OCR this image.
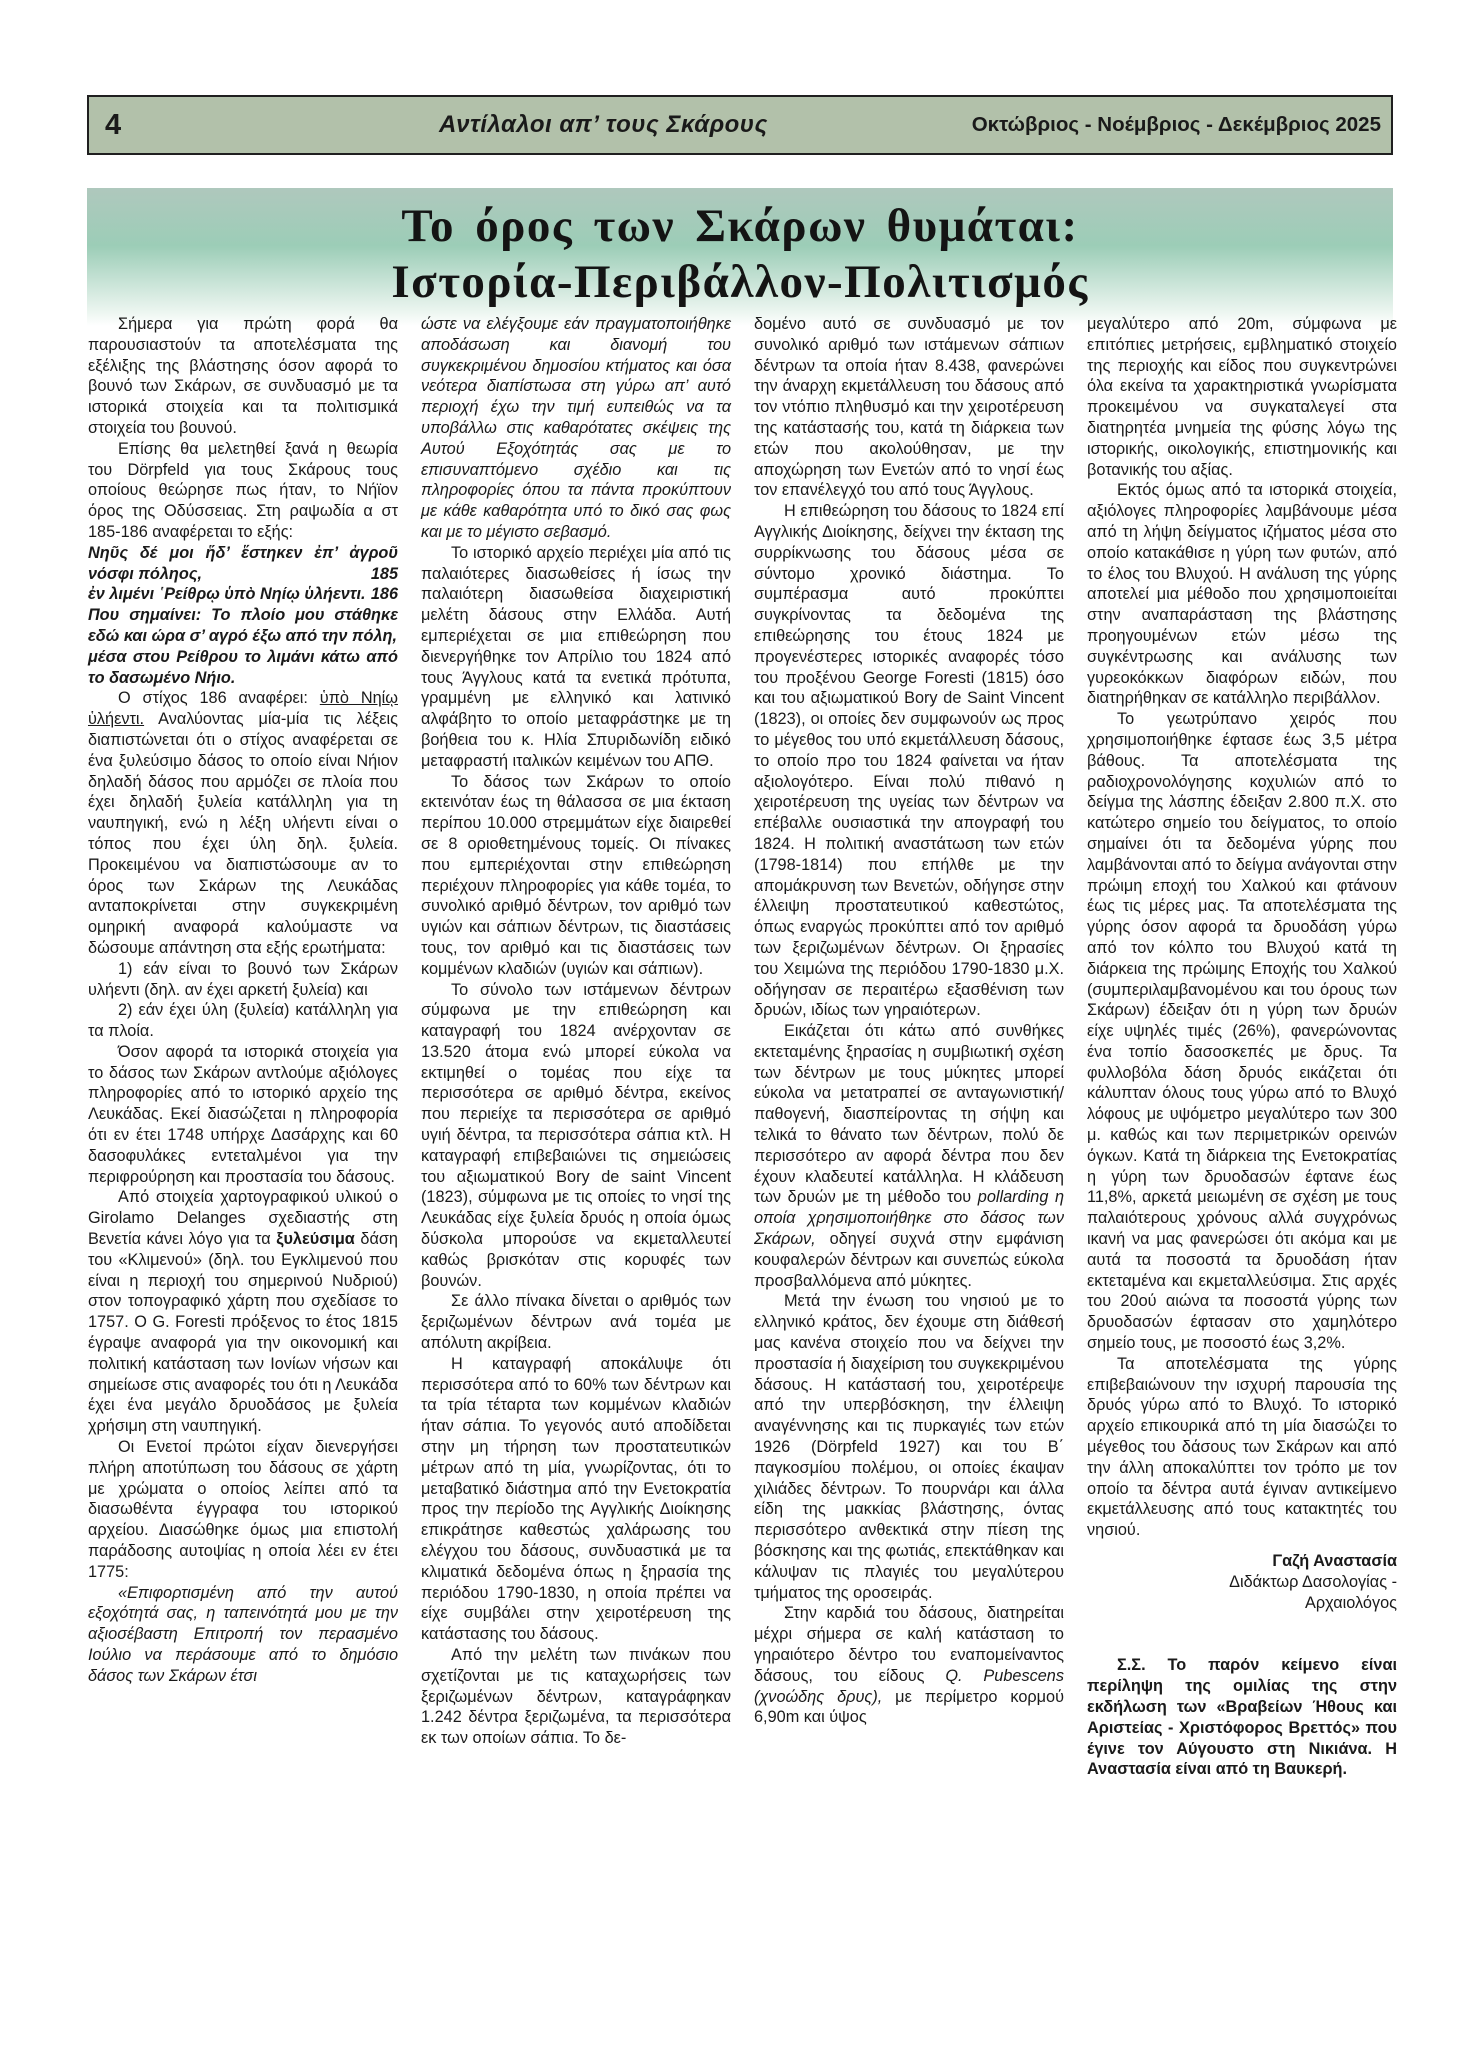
4	Αντίλαλοι απ’ τους Σκάρους	Οκτώβριος - Νοέμβριος - Δεκέμβριος 2025
Το όρος των Σκάρων θυμάται:
Ιστορία-Περιβάλλον-Πολιτισμός

Σήμερα για πρώτη φορά θα παρουσιαστούν τα αποτελέσματα της εξέλιξης της βλάστησης όσον αφορά το βουνό των Σκάρων, σε συνδυασμό με τα ιστορικά στοιχεία και τα πολιτισμικά στοιχεία του βουνού.

Επίσης θα μελετηθεί ξανά η θεωρία του Dörpfeld για τους Σκάρους τους οποίους θεώρησε πως ήταν, το Νήϊον όρος της Οδύσσειας. Στη ραψωδία α στ 185-186 αναφέρεται το εξής:

Νηῦς δέ μοι ἥδ’ ἕστηκεν ἐπ’ ἀγροῦ νόσφι πόληος,	185

ἐν λιμένι ῾Ρείθρῳ ὑπὸ Νηίῳ ὑλήεντι. 186

Που σημαίνει: Το πλοίο μου στάθηκε εδώ και ώρα σ’ αγρό έξω από την πόλη,

μέσα στου Ρείθρου το λιμάνι κάτω από το δασωμένο Νήιο.

Ο στίχος 186 αναφέρει: ὑπὸ Νηίῳ ὑλήεντι. Αναλύοντας μία-μία τις λέξεις διαπιστώνεται ότι ο στίχος αναφέρεται σε ένα ξυλεύσιμο δάσος το οποίο είναι Νήιον δηλαδή δάσος που αρμόζει σε πλοία που έχει δηλαδή ξυλεία κατάλληλη για τη ναυπηγική, ενώ η λέξη υλήεντι είναι ο τόπος που έχει ύλη δηλ. ξυλεία. Προκειμένου να διαπιστώσουμε αν το όρος των Σκάρων της Λευκάδας ανταποκρίνεται στην συγκεκριμένη ομηρική αναφορά καλούμαστε να δώσουμε απάντηση στα εξής ερωτήματα:

1) εάν είναι το βουνό των Σκάρων υλήεντι (δηλ. αν έχει αρκετή ξυλεία) και

2) εάν έχει ύλη (ξυλεία) κατάλληλη για τα πλοία.

Όσον αφορά τα ιστορικά στοιχεία για το δάσος των Σκάρων αντλούμε αξιόλογες πληροφορίες από το ιστορικό αρχείο της Λευκάδας. Εκεί διασώζεται η πληροφορία ότι εν έτει 1748 υπήρχε Δασάρχης και 60 δασοφυλάκες εντεταλμένοι για την περιφρούρηση και προστασία του δάσους.

Από στοιχεία χαρτογραφικού υλικού ο Girolamo Delanges σχεδιαστής στη Βενετία κάνει λόγο για τα ξυλεύσιμα δάση του «Κλιμενού» (δηλ. του Εγκλιμενού που είναι η περιοχή του σημερινού Νυδριού) στον τοπογραφικό χάρτη που σχεδίασε το 1757. Ο G. Foresti πρόξενος το έτος 1815 έγραψε αναφορά για την οικονομική και πολιτική κατάσταση των Ιονίων νήσων και σημείωσε στις αναφορές του ότι η Λευκάδα έχει ένα μεγάλο δρυοδάσος με ξυλεία χρήσιμη στη ναυπηγική.

Οι Ενετοί πρώτοι είχαν διενεργήσει πλήρη αποτύπωση του δάσους σε χάρτη με χρώματα ο οποίος λείπει από τα διασωθέντα έγγραφα του ιστορικού αρχείου. Διασώθηκε όμως μια επιστολή παράδοσης αυτοψίας η οποία λέει εν έτει 1775:

«Επιφορτισμένη από την αυτού εξοχότητά σας, η ταπεινότητά μου με την αξιοσέβαστη Επιτροπή τον περασμένο Ιούλιο να περάσουμε από το δημόσιο δάσος των Σκάρων έτσι

ώστε να ελέγξουμε εάν πραγματοποιήθηκε αποδάσωση και διανομή του συγκεκριμένου δημοσίου κτήματος και όσα νεότερα διαπίστωσα στη γύρω απ’ αυτό περιοχή έχω την τιμή ευπειθώς να τα υποβάλλω στις καθαρότατες σκέψεις της Αυτού Εξοχότητάς σας με το επισυναπτόμενο σχέδιο και τις πληροφορίες όπου τα πάντα προκύπτουν με κάθε καθαρότητα υπό το δικό σας φως και με το μέγιστο σεβασμό.

Το ιστορικό αρχείο περιέχει μία από τις παλαιότερες διασωθείσες ή ίσως την παλαιότερη διασωθείσα διαχειριστική μελέτη δάσους στην Ελλάδα. Αυτή εμπεριέχεται σε μια επιθεώρηση που διενεργήθηκε τον Απρίλιο του 1824 από τους Άγγλους κατά τα ενετικά πρότυπα, γραμμένη με ελληνικό και λατινικό αλφάβητο το οποίο μεταφράστηκε με τη βοήθεια του κ. Ηλία Σπυριδωνίδη ειδικό μεταφραστή ιταλικών κειμένων του ΑΠΘ.

Το δάσος των Σκάρων το οποίο εκτεινόταν έως τη θάλασσα σε μια έκταση περίπου 10.000 στρεμμάτων είχε διαιρεθεί σε 8 οριοθετημένους τομείς. Οι πίνακες που εμπεριέχονται στην επιθεώρηση περιέχουν πληροφορίες για κάθε τομέα, το συνολικό αριθμό δέντρων, τον αριθμό των υγιών και σάπιων δέντρων, τις διαστάσεις τους, τον αριθμό και τις διαστάσεις των κομμένων κλαδιών (υγιών και σάπιων).

Το σύνολο των ιστάμενων δέντρων σύμφωνα με την επιθεώρηση και καταγραφή του 1824 ανέρχονταν σε 13.520 άτομα ενώ μπορεί εύκολα να εκτιμηθεί ο τομέας που είχε τα περισσότερα σε αριθμό δέντρα, εκείνος που περιείχε τα περισσότερα σε αριθμό υγιή δέντρα, τα περισσότερα σάπια κτλ. Η καταγραφή επιβεβαιώνει τις σημειώσεις του αξιωματικού Bory de saint Vincent (1823), σύμφωνα με τις οποίες το νησί της Λευκάδας είχε ξυλεία δρυός η οποία όμως δύσκολα μπορούσε να εκμεταλλευτεί καθώς βρισκόταν στις κορυφές των βουνών.

Σε άλλο πίνακα δίνεται ο αριθμός των ξεριζωμένων δέντρων ανά τομέα με απόλυτη ακρίβεια.

Η καταγραφή αποκάλυψε ότι περισσότερα από το 60% των δέντρων και τα τρία τέταρτα των κομμένων κλαδιών ήταν σάπια. Το γεγονός αυτό αποδίδεται στην μη τήρηση των προστατευτικών μέτρων από τη μία, γνωρίζοντας, ότι το μεταβατικό διάστημα από την Ενετοκρατία προς την περίοδο της Αγγλικής Διοίκησης επικράτησε καθεστώς χαλάρωσης του ελέγχου του δάσους, συνδυαστικά με τα κλιματικά δεδομένα όπως η ξηρασία της περιόδου 1790-1830, η οποία πρέπει να είχε συμβάλει στην χειροτέρευση της κατάστασης του δάσους.

Από την μελέτη των πινάκων που σχετίζονται με τις καταχωρήσεις των ξεριζωμένων δέντρων, καταγράφηκαν 1.242 δέντρα ξεριζωμένα, τα περισσότερα εκ των οποίων σάπια. Το δε-

δομένο αυτό σε συνδυασμό με τον συνολικό αριθμό των ιστάμενων σάπιων δέντρων τα οποία ήταν 8.438, φανερώνει την άναρχη εκμετάλλευση του δάσους από τον ντόπιο πληθυσμό και την χειροτέρευση της κατάστασής του, κατά τη διάρκεια των ετών που ακολούθησαν, με την αποχώρηση των Ενετών από το νησί έως τον επανέλεγχό του από τους Άγγλους.

Η επιθεώρηση του δάσους το 1824 επί Αγγλικής Διοίκησης, δείχνει την έκταση της συρρίκνωσης του δάσους μέσα σε σύντομο χρονικό διάστημα. Το συμπέρασμα αυτό προκύπτει συγκρίνοντας τα δεδομένα της επιθεώρησης του έτους 1824 με προγενέστερες ιστορικές αναφορές τόσο του προξένου George Foresti (1815) όσο και του αξιωματικού Bory de Saint Vincent (1823), οι οποίες δεν συμφωνούν ως προς το μέγεθος του υπό εκμετάλλευση δάσους, το οποίο προ του 1824 φαίνεται να ήταν αξιολογότερο. Είναι πολύ πιθανό η χειροτέρευση της υγείας των δέντρων να επέβαλλε ουσιαστικά την απογραφή του 1824. Η πολιτική αναστάτωση των ετών (1798-1814) που επήλθε με την απομάκρυνση των Βενετών, οδήγησε στην έλλειψη προστατευτικού καθεστώτος, όπως εναργώς προκύπτει από τον αριθμό των ξεριζωμένων δέντρων. Οι ξηρασίες του Χειμώνα της περιόδου 1790-1830 μ.Χ. οδήγησαν σε περαιτέρω εξασθένιση των δρυών, ιδίως των γηραιότερων.

Εικάζεται ότι κάτω από συνθήκες εκτεταμένης ξηρασίας η συμβιωτική σχέση των δέντρων με τους μύκητες μπορεί εύκολα να μετατραπεί σε ανταγωνιστική/παθογενή, διασπείροντας τη σήψη και τελικά το θάνατο των δέντρων, πολύ δε περισσότερο αν αφορά δέντρα που δεν έχουν κλαδευτεί κατάλληλα. Η κλάδευση των δρυών με τη μέθοδο του pollarding η οποία χρησιμοποιήθηκε στο δάσος των Σκάρων, οδηγεί συχνά στην εμφάνιση κουφαλερών δέντρων και συνεπώς εύκολα προσβαλλόμενα από μύκητες.

Μετά την ένωση του νησιού με το ελληνικό κράτος, δεν έχουμε στη διάθεσή μας κανένα στοιχείο που να δείχνει την προστασία ή διαχείριση του συγκεκριμένου δάσους. Η κατάστασή του, χειροτέρεψε από την υπερβόσκηση, την έλλειψη αναγέννησης και τις πυρκαγιές των ετών 1926 (Dörpfeld 1927) και του Β΄ παγκοσμίου πολέμου, οι οποίες έκαψαν χιλιάδες δέντρων. Το πουρνάρι και άλλα είδη της μακκίας βλάστησης, όντας περισσότερο ανθεκτικά στην πίεση της βόσκησης και της φωτιάς, επεκτάθηκαν και κάλυψαν τις πλαγιές του μεγαλύτερου τμήματος της οροσειράς.

Στην καρδιά του δάσους, διατηρείται μέχρι σήμερα σε καλή κατάσταση το γηραιότερο δέντρο του εναπομείναντος δάσους, του είδους Q. Pubescens (χνοώδης δρυς), με περίμετρο κορμού 6,90m και ύψος

μεγαλύτερο από 20m, σύμφωνα με επιτόπιες μετρήσεις, εμβληματικό στοιχείο της περιοχής και είδος που συγκεντρώνει όλα εκείνα τα χαρακτηριστικά γνωρίσματα προκειμένου να συγκαταλεγεί στα διατηρητέα μνημεία της φύσης λόγω της ιστορικής, οικολογικής, επιστημονικής και βοτανικής του αξίας.

Εκτός όμως από τα ιστορικά στοιχεία, αξιόλογες πληροφορίες λαμβάνουμε μέσα από τη λήψη δείγματος ιζήματος μέσα στο οποίο κατακάθισε η γύρη των φυτών, από το έλος του Βλυχού. Η ανάλυση της γύρης αποτελεί μια μέθοδο που χρησιμοποιείται στην αναπαράσταση της βλάστησης προηγουμένων ετών μέσω της συγκέντρωσης και ανάλυσης των γυρεοκόκκων διαφόρων ειδών, που διατηρήθηκαν σε κατάλληλο περιβάλλον.

Το γεωτρύπανο χειρός που χρησιμοποιήθηκε έφτασε έως 3,5 μέτρα βάθους. Τα αποτελέσματα της ραδιοχρονολόγησης κοχυλιών από το δείγμα της λάσπης έδειξαν 2.800 π.Χ. στο κατώτερο σημείο του δείγματος, το οποίο σημαίνει ότι τα δεδομένα γύρης που λαμβάνονται από το δείγμα ανάγονται στην πρώιμη εποχή του Χαλκού και φτάνουν έως τις μέρες μας. Τα αποτελέσματα της γύρης όσον αφορά τα δρυοδάση γύρω από τον κόλπο του Βλυχού κατά τη διάρκεια της πρώιμης Εποχής του Χαλκού (συμπεριλαμβανομένου και του όρους των Σκάρων) έδειξαν ότι η γύρη των δρυών είχε υψηλές τιμές (26%), φανερώνοντας ένα τοπίο δασοσκεπές με δρυς. Τα φυλλοβόλα δάση δρυός εικάζεται ότι κάλυπταν όλους τους γύρω από το Βλυχό λόφους με υψόμετρο μεγαλύτερο των 300 μ. καθώς και των περιμετρικών ορεινών όγκων. Κατά τη διάρκεια της Ενετοκρατίας η γύρη των δρυοδασών έφτανε έως 11,8%, αρκετά μειωμένη σε σχέση με τους παλαιότερους χρόνους αλλά συγχρόνως ικανή να μας φανερώσει ότι ακόμα και με αυτά τα ποσοστά τα δρυοδάση ήταν εκτεταμένα και εκμεταλλεύσιμα. Στις αρχές του 20ού αιώνα τα ποσοστά γύρης των δρυοδασών έφτασαν στο χαμηλότερο σημείο τους, με ποσοστό έως 3,2%.

Τα αποτελέσματα της γύρης επιβεβαιώνουν την ισχυρή παρουσία της δρυός γύρω από το Βλυχό. Το ιστορικό αρχείο επικουρικά από τη μία διασώζει το μέγεθος του δάσους των Σκάρων και από την άλλη αποκαλύπτει τον τρόπο με τον οποίο τα δέντρα αυτά έγιναν αντικείμενο εκμετάλλευσης από τους κατακτητές του νησιού.

Γαζή Αναστασία

Διδάκτωρ Δασολογίας -

Αρχαιολόγος

Σ.Σ. Το παρόν κείμενο είναι περίληψη της ομιλίας της στην εκδήλωση των «Βραβείων Ήθους και Αριστείας - Χριστόφορος Βρεττός» που έγινε τον Αύγουστο στη Νικιάνα. Η Αναστασία είναι από τη Βαυκερή.
